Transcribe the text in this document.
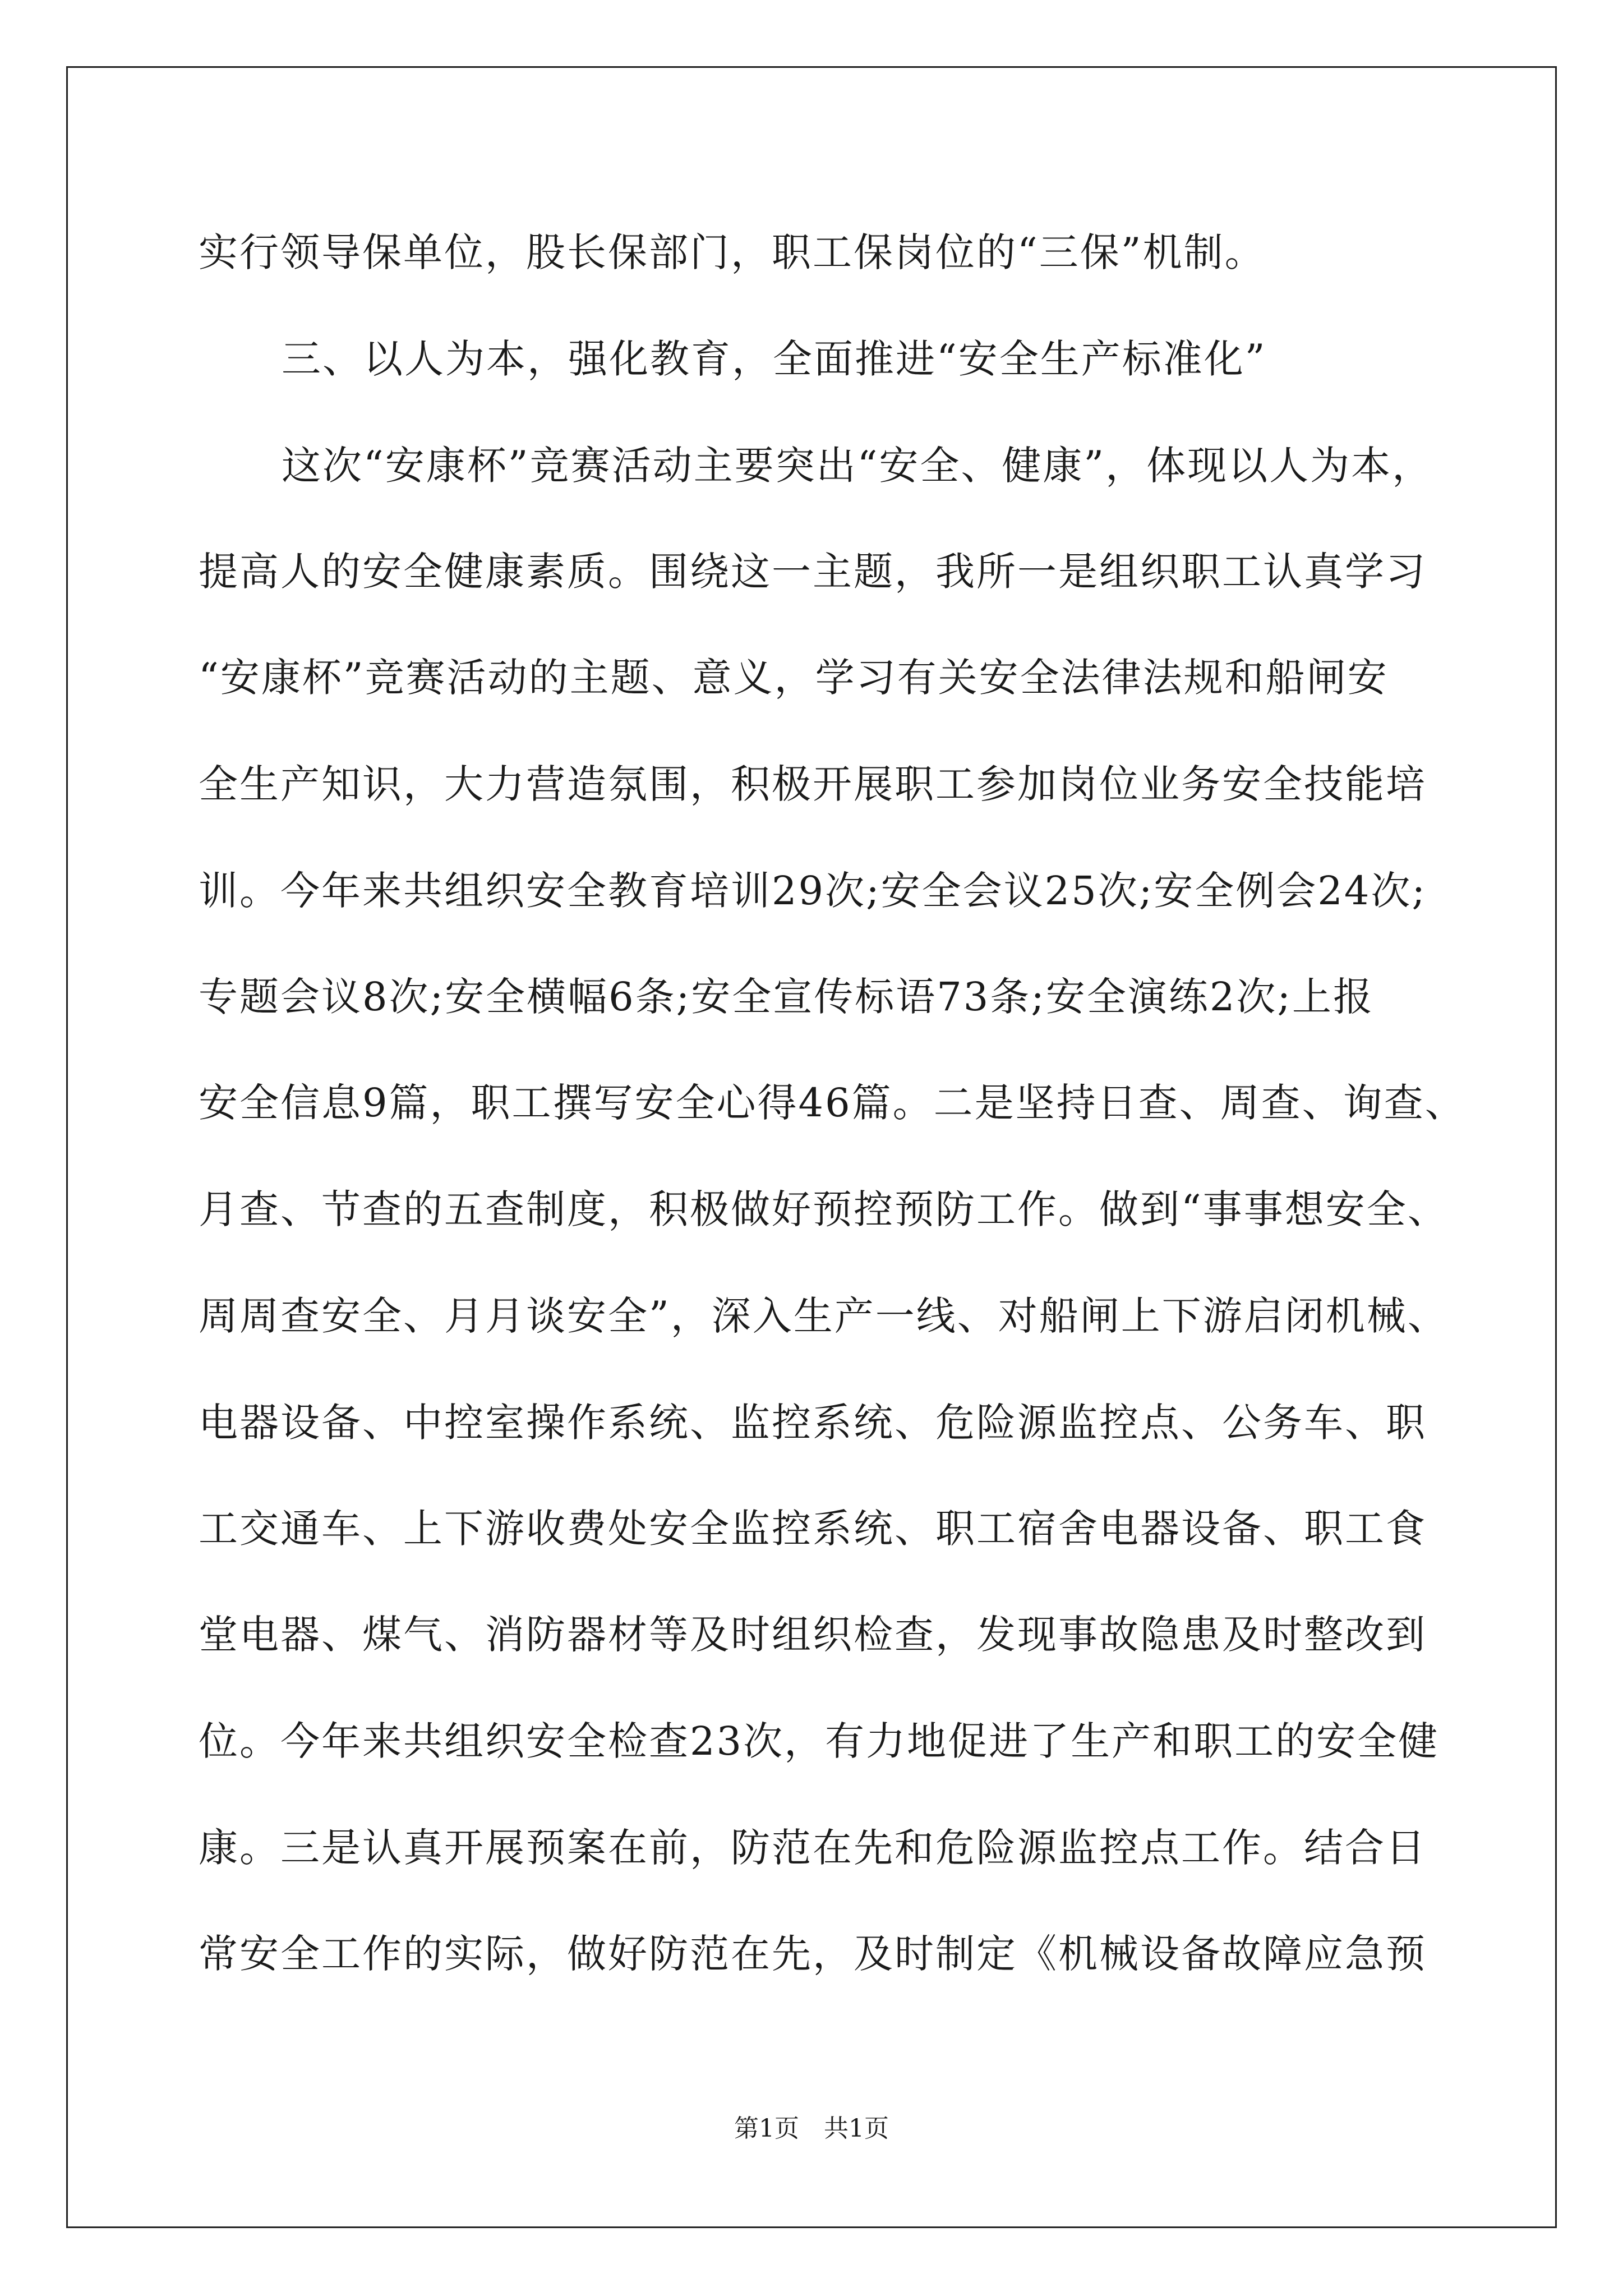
实行领导保单位，股长保部门，职工保岗位的“三保”机制。

三、以人为本，强化教育，全面推进“安全生产标准化”

这次“安康杯”竞赛活动主要突出“安全、健康”，体现以人为本，

提高人的安全健康素质。围绕这一主题，我所一是组织职工认真学习

“安康杯”竞赛活动的主题、意义，学习有关安全法律法规和船闸安

全生产知识，大力营造氛围，积极开展职工参加岗位业务安全技能培

训。今年来共组织安全教育培训29次;安全会议25次;安全例会24次;

专题会议8次;安全横幅6条;安全宣传标语73条;安全演练2次;上报

安全信息9篇，职工撰写安全心得46篇。二是坚持日查、周查、询查、

月查、节查的五查制度，积极做好预控预防工作。做到“事事想安全、

周周查安全、月月谈安全”，深入生产一线、对船闸上下游启闭机械、

电器设备、中控室操作系统、监控系统、危险源监控点、公务车、职

工交通车、上下游收费处安全监控系统、职工宿舍电器设备、职工食

堂电器、煤气、消防器材等及时组织检查，发现事故隐患及时整改到

位。今年来共组织安全检查23次，有力地促进了生产和职工的安全健

康。三是认真开展预案在前，防范在先和危险源监控点工作。结合日

常安全工作的实际，做好防范在先，及时制定《机械设备故障应急预

第1页　共1页
